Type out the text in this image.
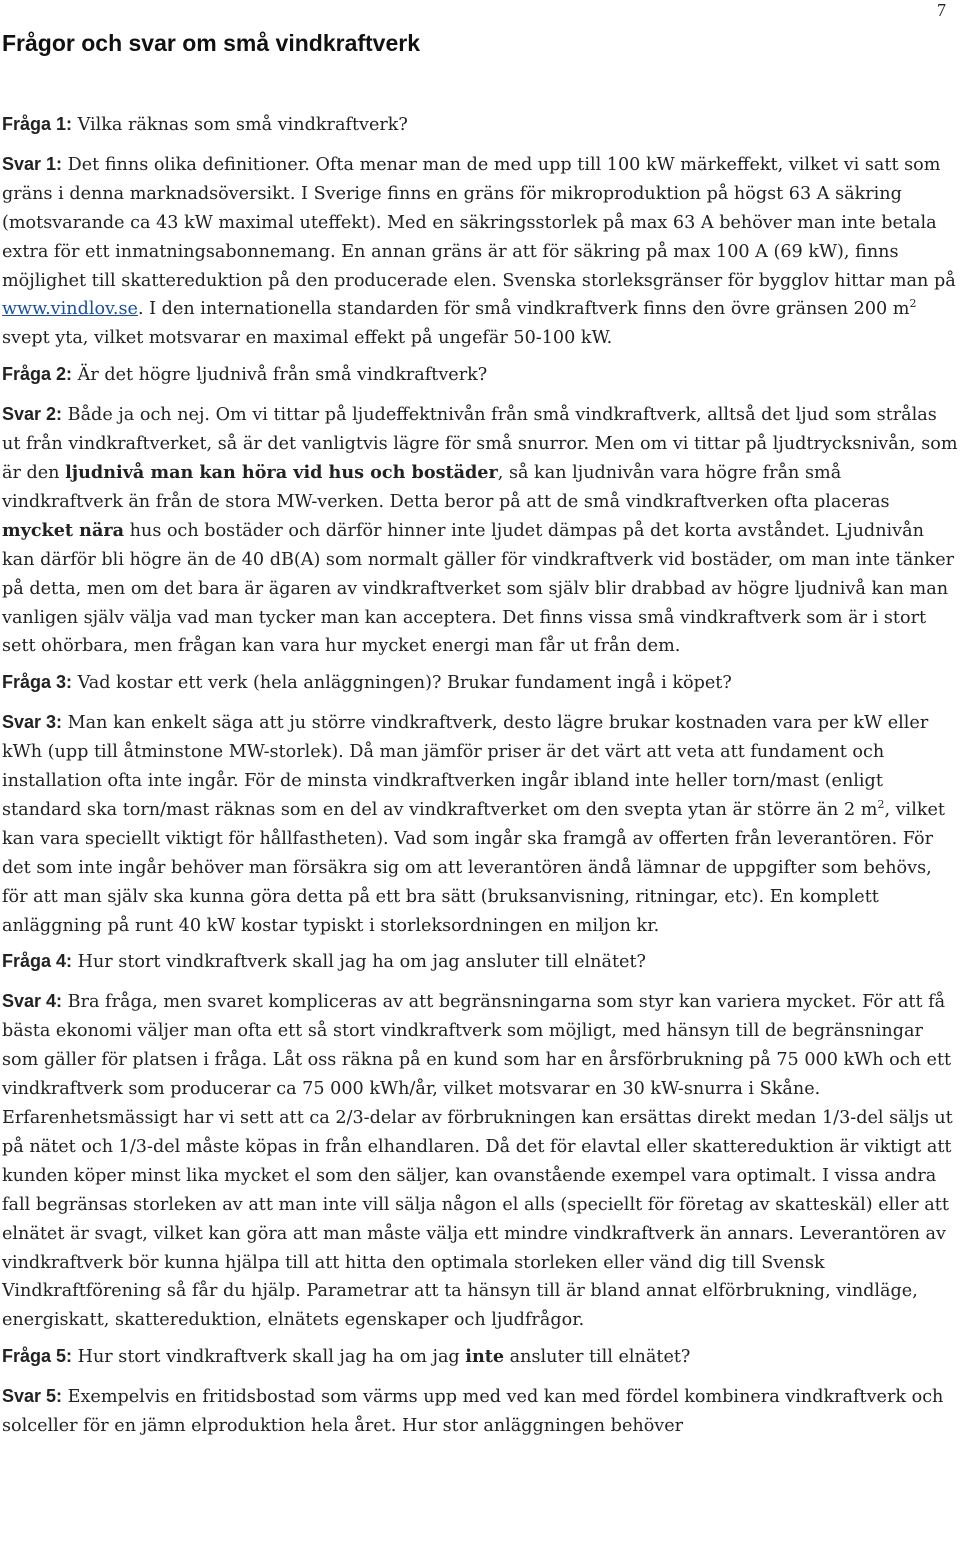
7
Frågor och svar om små vindkraftverk

Fråga 1: Vilka räknas som små vindkraftverk?

Svar 1: Det finns olika definitioner. Ofta menar man de med upp till 100 kW märkeffekt, vilket vi satt som gräns i denna marknadsöversikt. I Sverige finns en gräns för mikroproduktion på högst 63 A säkring (motsvarande ca 43 kW maximal uteffekt). Med en säkringsstorlek på max 63 A behöver man inte betala extra för ett inmatningsabonnemang. En annan gräns är att för säkring på max 100 A (69 kW), finns möjlighet till skattereduktion på den producerade elen. Svenska storleksgränser för bygglov hittar man på www.vindlov.se. I den internationella standarden för små vindkraftverk finns den övre gränsen 200 $m^2$ svept yta, vilket motsvarar en maximal effekt på ungefär 50-100 kW.

Fråga 2: Är det högre ljudnivå från små vindkraftverk?

Svar 2: Både ja och nej. Om vi tittar på ljudeffektnivån från små vindkraftverk, alltså det ljud som strålas ut från vindkraftverket, så är det vanligtvis lägre för små snurror. Men om vi tittar på ljudtrycksnivån, som är den ljudnivå man kan höra vid hus och bostäder, så kan ljudnivån vara högre från små vindkraftverk än från de stora MW-verken. Detta beror på att de små vindkraftverken ofta placeras mycket nära hus och bostäder och därför hinner inte ljudet dämpas på det korta avståndet. Ljudnivån kan därför bli högre än de 40 dB(A) som normalt gäller för vindkraftverk vid bostäder, om man inte tänker på detta, men om det bara är ägaren av vindkraftverket som själv blir drabbad av högre ljudnivå kan man vanligen själv välja vad man tycker man kan acceptera. Det finns vissa små vindkraftverk som är i stort sett ohörbara, men frågan kan vara hur mycket energi man får ut från dem.

Fråga 3: Vad kostar ett verk (hela anläggningen)? Brukar fundament ingå i köpet?

Svar 3: Man kan enkelt säga att ju större vindkraftverk, desto lägre brukar kostnaden vara per kW eller kWh (upp till åtminstone MW-storlek). Då man jämför priser är det värt att veta att fundament och installation ofta inte ingår. För de minsta vindkraftverken ingår ibland inte heller torn/mast (enligt standard ska torn/mast räknas som en del av vindkraftverket om den svepta ytan är större än 2 $m^2$, vilket kan vara speciellt viktigt för hållfastheten). Vad som ingår ska framgå av offerten från leverantören. För det som inte ingår behöver man försäkra sig om att leverantören ändå lämnar de uppgifter som behövs, för att man själv ska kunna göra detta på ett bra sätt (bruksanvisning, ritningar, etc). En komplett anläggning på runt 40 kW kostar typiskt i storleksordningen en miljon kr.

Fråga 4: Hur stort vindkraftverk skall jag ha om jag ansluter till elnätet?

Svar 4: Bra fråga, men svaret kompliceras av att begränsningarna som styr kan variera mycket. För att få bästa ekonomi väljer man ofta ett så stort vindkraftverk som möjligt, med hänsyn till de begränsningar som gäller för platsen i fråga. Låt oss räkna på en kund som har en årsförbrukning på 75 000 kWh och ett vindkraftverk som producerar ca 75 000 kWh/år, vilket motsvarar en 30 kW-snurra i Skåne. Erfarenhetsmässigt har vi sett att ca 2/3-delar av förbrukningen kan ersättas direkt medan 1/3-del säljs ut på nätet och 1/3-del måste köpas in från elhandlaren. Då det för elavtal eller skattereduktion är viktigt att kunden köper minst lika mycket el som den säljer, kan ovanstående exempel vara optimalt. I vissa andra fall begränsas storleken av att man inte vill sälja någon el alls (speciellt för företag av skatteskäl) eller att elnätet är svagt, vilket kan göra att man måste välja ett mindre vindkraftverk än annars. Leverantören av vindkraftverk bör kunna hjälpa till att hitta den optimala storleken eller vänd dig till Svensk Vindkraftförening så får du hjälp. Parametrar att ta hänsyn till är bland annat elförbrukning, vindläge, energiskatt, skattereduktion, elnätets egenskaper och ljudfrågor.

Fråga 5: Hur stort vindkraftverk skall jag ha om jag inte ansluter till elnätet?

Svar 5: Exempelvis en fritidsbostad som värms upp med ved kan med fördel kombinera vindkraftverk och solceller för en jämn elproduktion hela året. Hur stor anläggningen behöver
